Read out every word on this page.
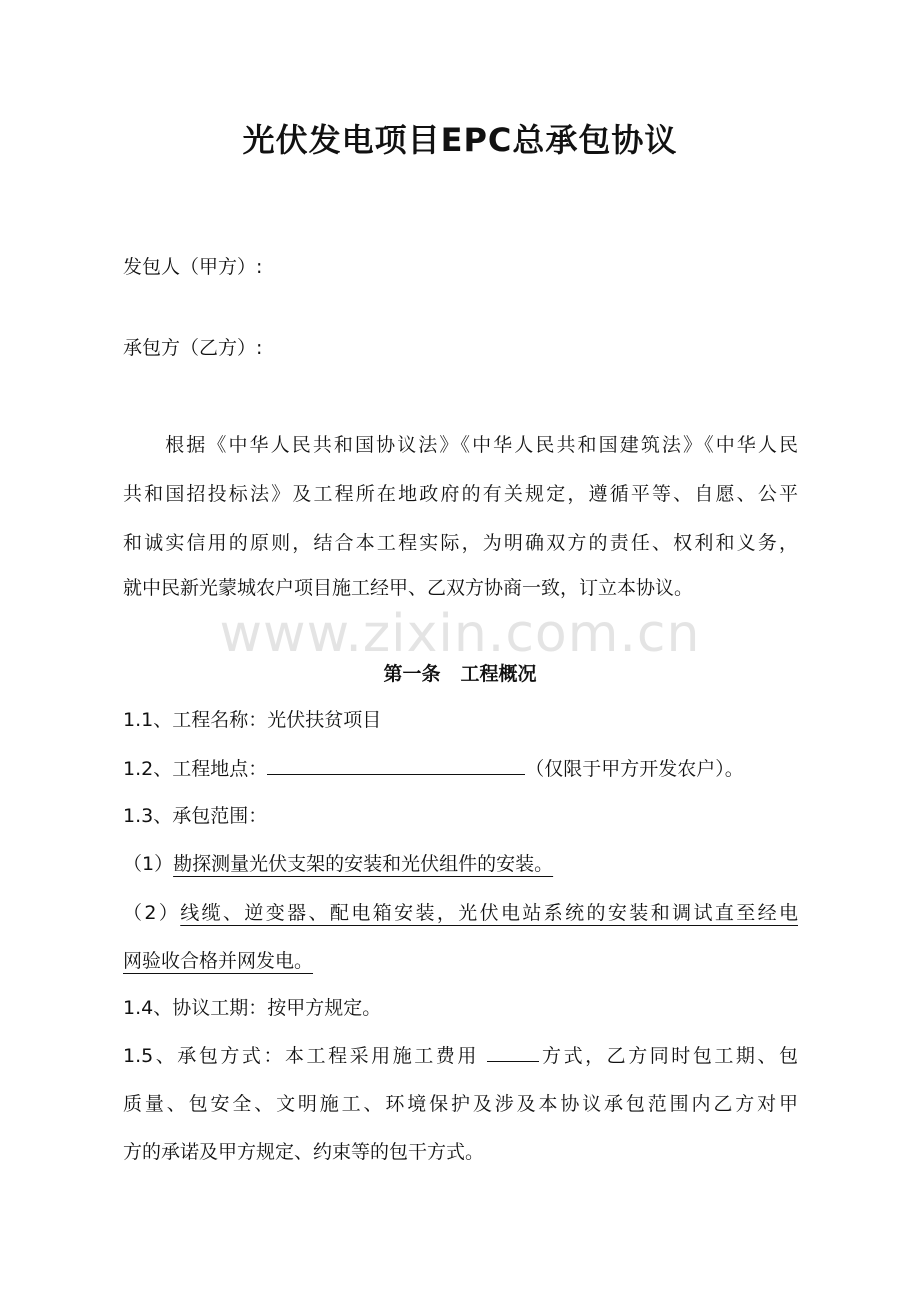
光伏发电项目EPC总承包协议
发包人（甲方）:
承包方（乙方）:
　　根据《中华人民共和国协议法》《中华人民共和国建筑法》《中华人民
共和国招投标法》及工程所在地政府的有关规定，遵循平等、自愿、公平
和诚实信用的原则，结合本工程实际，为明确双方的责任、权利和义务，
就中民新光蒙城农户项目施工经甲、乙双方协商一致，订立本协议。
www.zixin.com.cn
第一条 工程概况
1.1、工程名称：光伏扶贫项目
1.2、工程地点：	（仅限于甲方开发农户）。
1.3、承包范围：
（1）勘探测量光伏支架的安装和光伏组件的安装。
（2）线缆、逆变器、配电箱安装，光伏电站系统的安装和调试直至经电
网验收合格并网发电。
1.4、协议工期：按甲方规定。
1.5、承包方式：本工程采用施工费用	方式，乙方同时包工期、包
质量、包安全、文明施工、环境保护及涉及本协议承包范围内乙方对甲
方的承诺及甲方规定、约束等的包干方式。
